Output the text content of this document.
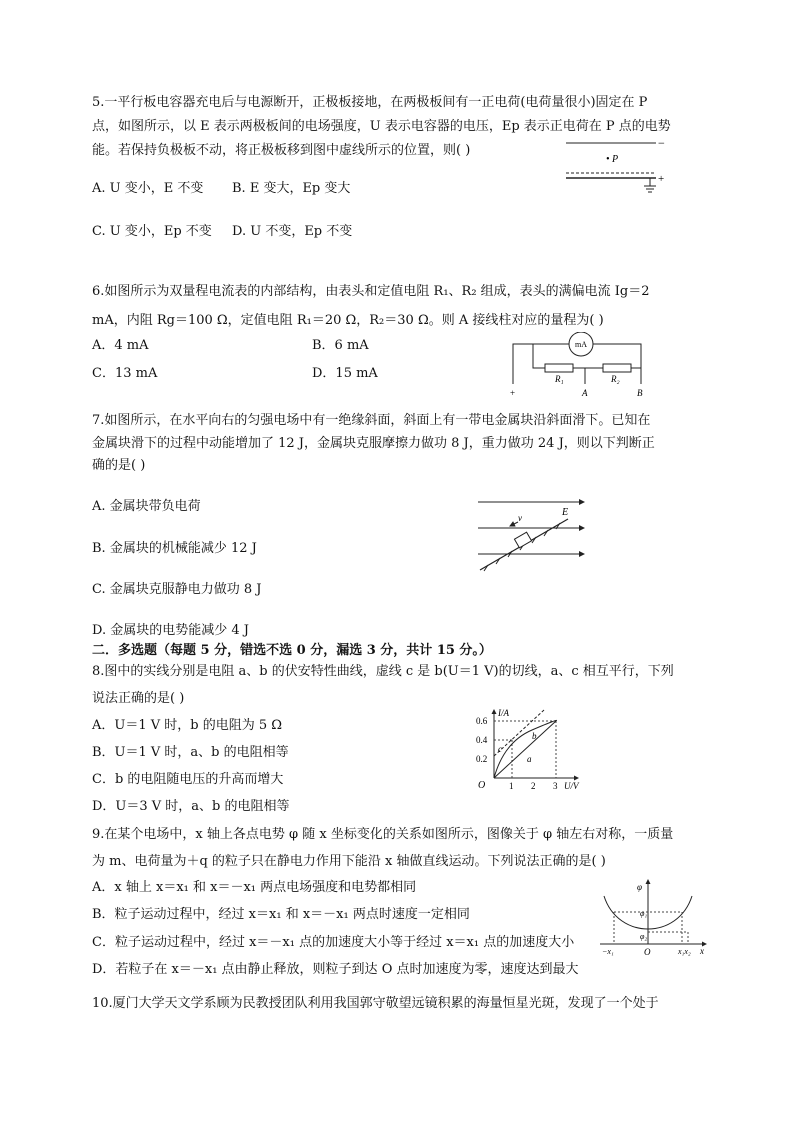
5.一平行板电容器充电后与电源断开，正极板接地，在两极板间有一正电荷(电荷量很小)固定在 P
点，如图所示，以 E 表示两极板间的电场强度，U 表示电容器的电压，Ep 表示正电荷在 P 点的电势
能。若保持负极板不动，将正极板移到图中虚线所示的位置，则( )
A. U 变小，E 不变 B. E 变大，Ep 变大
C. U 变小，Ep 不变 D. U 不变，Ep 不变
−
• P
+
6.如图所示为双量程电流表的内部结构，由表头和定值电阻 R₁、R₂ 组成，表头的满偏电流 Ig＝2
mA，内阻 Rg＝100 Ω，定值电阻 R₁＝20 Ω，R₂＝30 Ω。则 A 接线柱对应的量程为( )
A．4 mA	B．6 mA
C．13 mA	D．15 mA
mA
R₁	R₂
+	A	B
7.如图所示，在水平向右的匀强电场中有一绝缘斜面，斜面上有一带电金属块沿斜面滑下。已知在
金属块滑下的过程中动能增加了 12 J，金属块克服摩擦力做功 8 J，重力做功 24 J，则以下判断正
确的是( )
A. 金属块带负电荷
B. 金属块的机械能减少 12 J
C. 金属块克服静电力做功 8 J
D. 金属块的电势能减少 4 J
v	E
二．多选题（每题 5 分，错选不选 0 分，漏选 3 分，共计 15 分。）
8.图中的实线分别是电阻 a、b 的伏安特性曲线，虚线 c 是 b(U＝1 V)的切线，a、c 相互平行，下列
说法正确的是( )
A．U＝1 V 时，b 的电阻为 5 Ω
B．U＝1 V 时，a、b 的电阻相等
C．b 的电阻随电压的升高而增大
D．U＝3 V 时，a、b 的电阻相等
O
I/A
U/V
0.6
0.4
0.2
1 2 3
a
b
c
9.在某个电场中，x 轴上各点电势 φ 随 x 坐标变化的关系如图所示，图像关于 φ 轴左右对称，一质量
为 m、电荷量为＋q 的粒子只在静电力作用下能沿 x 轴做直线运动。下列说法正确的是( )
A．x 轴上 x＝x₁ 和 x＝－x₁ 两点电场强度和电势都相同
B．粒子运动过程中，经过 x＝x₁ 和 x＝－x₁ 两点时速度一定相同
C．粒子运动过程中，经过 x＝－x₁ 点的加速度大小等于经过 x＝x₁ 点的加速度大小
D．若粒子在 x＝－x₁ 点由静止释放，则粒子到达 O 点时加速度为零，速度达到最大
φ
φ₁
φ₂
−x₁	O	x₁x₂ x
10.厦门大学天文学系顾为民教授团队利用我国郭守敬望远镜积累的海量恒星光斑，发现了一个处于
